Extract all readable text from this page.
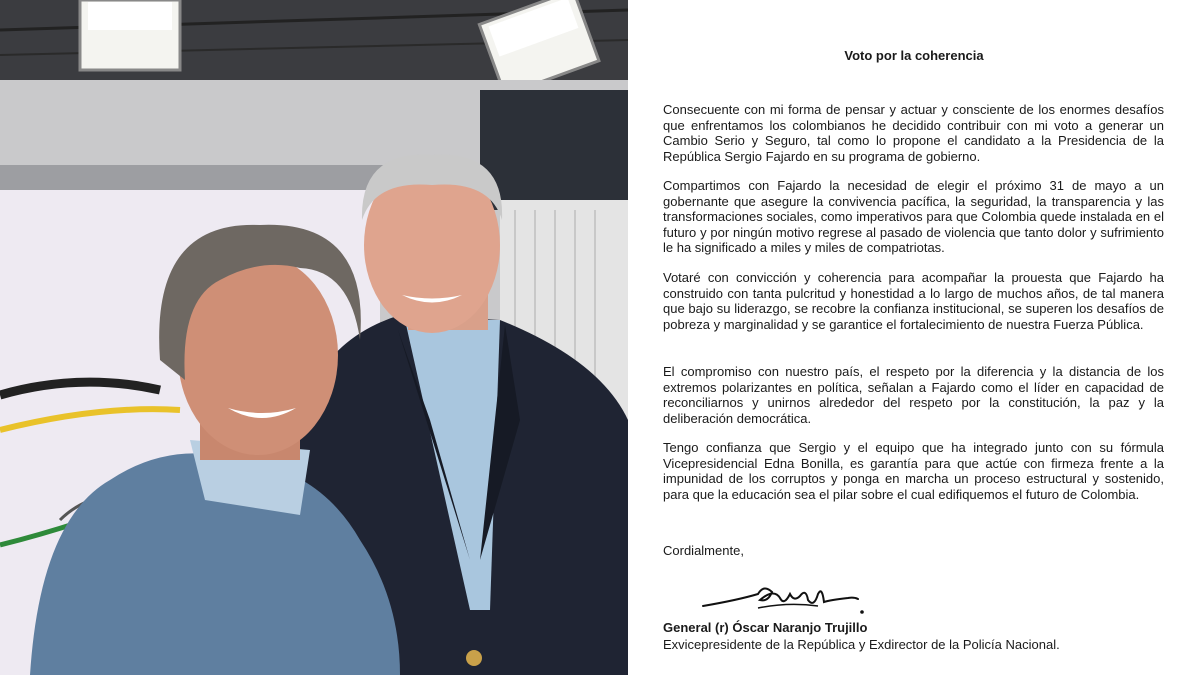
Voto por la coherencia

Consecuente con mi forma de pensar y actuar y consciente de los enormes desafíos que enfrentamos los colombianos he decidido contribuir con mi voto a generar un Cambio Serio y Seguro, tal como lo propone el candidato a la Presidencia de la República Sergio Fajardo en su programa de gobierno.

Compartimos con Fajardo la necesidad de elegir el próximo 31 de mayo a un gobernante que asegure la convivencia pacífica, la seguridad, la transparencia y las transformaciones sociales, como imperativos para que Colombia quede instalada en el futuro y por ningún motivo regrese al pasado de violencia que tanto dolor y sufrimiento le ha significado a miles y miles de compatriotas.

Votaré con convicción y coherencia para acompañar la prouesta que Fajardo ha construido con tanta pulcritud y honestidad a lo largo de muchos años, de tal manera que bajo su liderazgo, se recobre la confianza institucional, se superen los desafíos de pobreza y marginalidad y se garantice el fortalecimiento de nuestra Fuerza Pública.

El compromiso con nuestro país, el respeto por la diferencia y la distancia de los extremos polarizantes en política, señalan a Fajardo como el líder en capacidad de reconciliarnos y unirnos alrededor del respeto por la constitución, la paz y la deliberación democrática.

Tengo confianza que Sergio y el equipo que ha integrado junto con su fórmula Vicepresidencial Edna Bonilla, es garantía para que actúe con firmeza frente a la impunidad de los corruptos y ponga en marcha un proceso estructural y sostenido, para que la educación sea el pilar sobre el cual edifiquemos el futuro de Colombia.

Cordialmente,
General (r) Óscar Naranjo Trujillo
Exvicepresidente de la República y Exdirector de la Policía Nacional.
